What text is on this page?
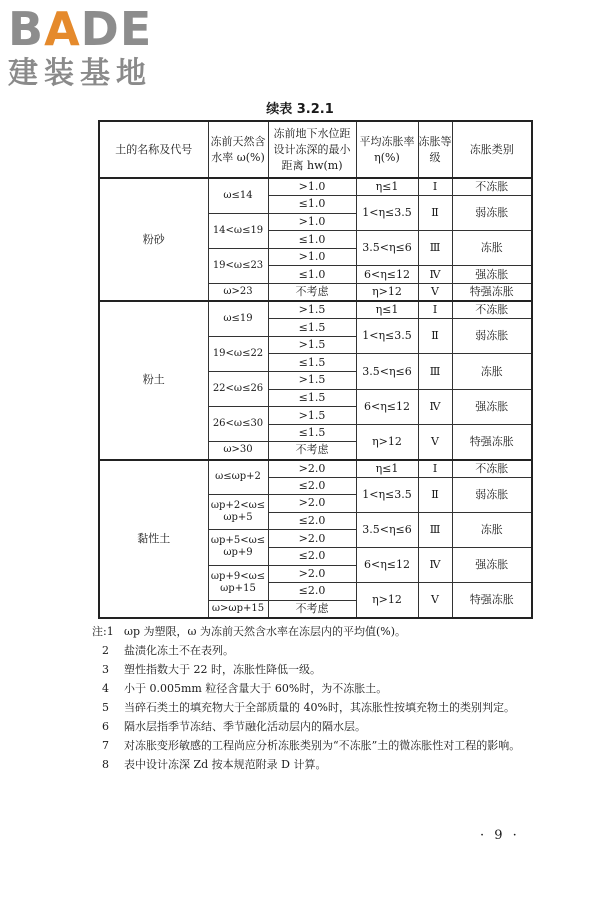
BADE
建装基地
续表 3.2.1
土的名称及代号	冻前天然含水率 ω(%)	冻前地下水位距设计冻深的最小距离 hw(m)	平均冻胀率 η(%)	冻胀等级	冻胀类别
粉砂	ω≤14	>1.0	η≤1	Ⅰ	不冻胀
		≤1.0	1<η≤3.5	Ⅱ	弱冻胀
	14<ω≤19	>1.0			
		≤1.0	3.5<η≤6	Ⅲ	冻胀
	19<ω≤23	>1.0			
		≤1.0	6<η≤12	Ⅳ	强冻胀
	ω>23	不考虑	η>12	Ⅴ	特强冻胀
粉土	ω≤19	>1.5	η≤1	Ⅰ	不冻胀
		≤1.5	1<η≤3.5	Ⅱ	弱冻胀
	19<ω≤22	>1.5			
		≤1.5	3.5<η≤6	Ⅲ	冻胀
	22<ω≤26	>1.5			
		≤1.5	6<η≤12	Ⅳ	强冻胀
	26<ω≤30	>1.5			
		≤1.5	η>12	Ⅴ	特强冻胀
	ω>30	不考虑			
黏性土	ω≤ωp+2	>2.0	η≤1	Ⅰ	不冻胀
		≤2.0	1<η≤3.5	Ⅱ	弱冻胀
	ωp+2<ω≤ ωp+5	>2.0			
		≤2.0	3.5<η≤6	Ⅲ	冻胀
	ωp+5<ω≤ ωp+9	>2.0			
		≤2.0	6<η≤12	Ⅳ	强冻胀
	ωp+9<ω≤ ωp+15	>2.0			
		≤2.0	η>12	Ⅴ	特强冻胀
	ω>ωp+15	不考虑			
注:1 ωp 为塑限，ω 为冻前天然含水率在冻层内的平均值(%)。
2	盐渍化冻土不在表列。
3	塑性指数大于 22 时，冻胀性降低一级。
4	小于 0.005mm 粒径含量大于 60%时，为不冻胀土。
5	当碎石类土的填充物大于全部质量的 40%时，其冻胀性按填充物土的类别判定。
6	隔水层指季节冻结、季节融化活动层内的隔水层。
7	对冻胀变形敏感的工程尚应分析冻胀类别为“不冻胀”土的微冻胀性对工程的影响。
8	表中设计冻深 Zd 按本规范附录 D 计算。
· 9 ·
